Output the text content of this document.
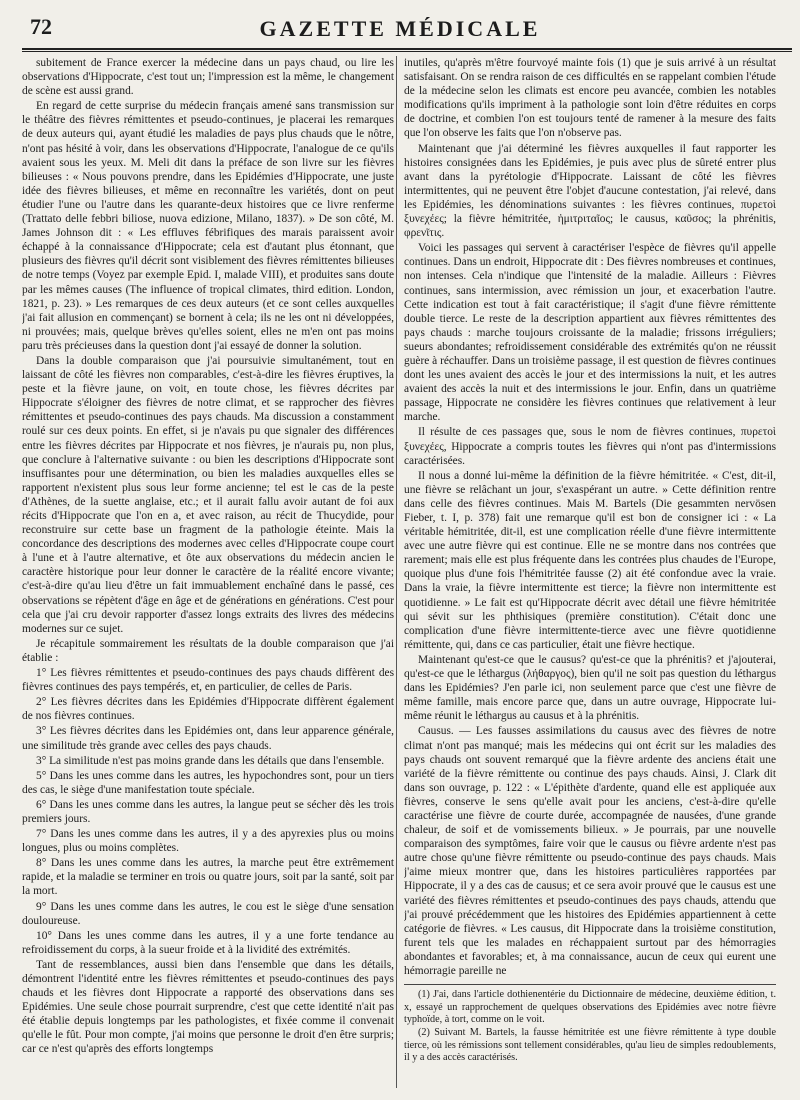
72	GAZETTE MÉDICALE

subitement de France exercer la médecine dans un pays chaud, ou lire les observations d'Hippocrate, c'est tout un; l'impression est la même, le changement de scène est aussi grand.

En regard de cette surprise du médecin français amené sans transmission sur le théâtre des fièvres rémittentes et pseudo-continues, je placerai les remarques de deux auteurs qui, ayant étudié les maladies de pays plus chauds que le nôtre, n'ont pas hésité à voir, dans les observations d'Hippocrate, l'analogue de ce qu'ils avaient sous les yeux. M. Meli dit dans la préface de son livre sur les fièvres bilieuses : « Nous pouvons prendre, dans les Epidémies d'Hippocrate, une juste idée des fièvres bilieuses, et même en reconnaître les variétés, dont on peut étudier l'une ou l'autre dans les quarante-deux histoires que ce livre renferme (Trattato delle febbri biliose, nuova edizione, Milano, 1837). » De son côté, M. James Johnson dit : « Les effluves fébrifiques des marais paraissent avoir échappé à la connaissance d'Hippocrate; cela est d'autant plus étonnant, que plusieurs des fièvres qu'il décrit sont visiblement des fièvres rémittentes bilieuses de notre temps (Voyez par exemple Epid. I, malade VIII), et produites sans doute par les mêmes causes (The influence of tropical climates, third edition. London, 1821, p. 23). » Les remarques de ces deux auteurs (et ce sont celles auxquelles j'ai fait allusion en commençant) se bornent à cela; ils ne les ont ni développées, ni prouvées; mais, quelque brèves qu'elles soient, elles ne m'en ont pas moins paru très précieuses dans la question dont j'ai essayé de donner la solution.

Dans la double comparaison que j'ai poursuivie simultanément, tout en laissant de côté les fièvres non comparables, c'est-à-dire les fièvres éruptives, la peste et la fièvre jaune, on voit, en toute chose, les fièvres décrites par Hippocrate s'éloigner des fièvres de notre climat, et se rapprocher des fièvres rémittentes et pseudo-continues des pays chauds. Ma discussion a constamment roulé sur ces deux points. En effet, si je n'avais pu que signaler des différences entre les fièvres décrites par Hippocrate et nos fièvres, je n'aurais pu, non plus, que conclure à l'alternative suivante : ou bien les descriptions d'Hippocrate sont insuffisantes pour une détermination, ou bien les maladies auxquelles elles se rapportent n'existent plus sous leur forme ancienne; tel est le cas de la peste d'Athènes, de la suette anglaise, etc.; et il aurait fallu avoir autant de foi aux récits d'Hippocrate que l'on en a, et avec raison, au récit de Thucydide, pour reconstruire sur cette base un fragment de la pathologie éteinte. Mais la concordance des descriptions des modernes avec celles d'Hippocrate coupe court à l'une et à l'autre alternative, et ôte aux observations du médecin ancien le caractère historique pour leur donner le caractère de la réalité encore vivante; c'est-à-dire qu'au lieu d'être un fait immuablement enchaîné dans le passé, ces observations se répètent d'âge en âge et de générations en générations. C'est pour cela que j'ai cru devoir rapporter d'assez longs extraits des livres des médecins modernes sur ce sujet.

Je récapitule sommairement les résultats de la double comparaison que j'ai établie :

1° Les fièvres rémittentes et pseudo-continues des pays chauds diffèrent des fièvres continues des pays tempérés, et, en particulier, de celles de Paris.

2° Les fièvres décrites dans les Epidémies d'Hippocrate diffèrent également de nos fièvres continues.

3° Les fièvres décrites dans les Epidémies ont, dans leur apparence générale, une similitude très grande avec celles des pays chauds.

3° La similitude n'est pas moins grande dans les détails que dans l'ensemble.

5° Dans les unes comme dans les autres, les hypochondres sont, pour un tiers des cas, le siège d'une manifestation toute spéciale.

6° Dans les unes comme dans les autres, la langue peut se sécher dès les trois premiers jours.

7° Dans les unes comme dans les autres, il y a des apyrexies plus ou moins longues, plus ou moins complètes.

8° Dans les unes comme dans les autres, la marche peut être extrêmement rapide, et la maladie se terminer en trois ou quatre jours, soit par la santé, soit par la mort.

9° Dans les unes comme dans les autres, le cou est le siège d'une sensation douloureuse.

10° Dans les unes comme dans les autres, il y a une forte tendance au refroidissement du corps, à la sueur froide et à la lividité des extrémités.

Tant de ressemblances, aussi bien dans l'ensemble que dans les détails, démontrent l'identité entre les fièvres rémittentes et pseudo-continues des pays chauds et les fièvres dont Hippocrate a rapporté des observations dans ses Epidémies. Une seule chose pourrait surprendre, c'est que cette identité n'ait pas été établie depuis longtemps par les pathologistes, et fixée comme il convenait qu'elle le fût. Pour mon compte, j'ai moins que personne le droit d'en être surpris; car ce n'est qu'après des efforts longtemps

inutiles, qu'après m'être fourvoyé mainte fois (1) que je suis arrivé à un résultat satisfaisant. On se rendra raison de ces difficultés en se rappelant combien l'étude de la médecine selon les climats est encore peu avancée, combien les notables modifications qu'ils impriment à la pathologie sont loin d'être réduites en corps de doctrine, et combien l'on est toujours tenté de ramener à la mesure des faits que l'on observe les faits que l'on n'observe pas.

Maintenant que j'ai déterminé les fièvres auxquelles il faut rapporter les histoires consignées dans les Epidémies, je puis avec plus de sûreté entrer plus avant dans la pyrétologie d'Hippocrate. Laissant de côté les fièvres intermittentes, qui ne peuvent être l'objet d'aucune contestation, j'ai relevé, dans les Epidémies, les dénominations suivantes : les fièvres continues, πυρετοὶ ξυνεχέες; la fièvre hémitritée, ἡμιτριταῖος; le causus, καῦσος; la phrénitis, φρενῖτις.

Voici les passages qui servent à caractériser l'espèce de fièvres qu'il appelle continues. Dans un endroit, Hippocrate dit : Des fièvres nombreuses et continues, non intenses. Cela n'indique que l'intensité de la maladie. Ailleurs : Fièvres continues, sans intermission, avec rémission un jour, et exacerbation l'autre. Cette indication est tout à fait caractéristique; il s'agit d'une fièvre rémittente double tierce. Le reste de la description appartient aux fièvres rémittentes des pays chauds : marche toujours croissante de la maladie; frissons irréguliers; sueurs abondantes; refroidissement considérable des extrémités qu'on ne réussit guère à réchauffer. Dans un troisième passage, il est question de fièvres continues dont les unes avaient des accès le jour et des intermissions la nuit, et les autres avaient des accès la nuit et des intermissions le jour. Enfin, dans un quatrième passage, Hippocrate ne considère les fièvres continues que relativement à leur marche.

Il résulte de ces passages que, sous le nom de fièvres continues, πυρετοὶ ξυνεχέες, Hippocrate a compris toutes les fièvres qui n'ont pas d'intermissions caractérisées.

Il nous a donné lui-même la définition de la fièvre hémitritée. « C'est, dit-il, une fièvre se relâchant un jour, s'exaspérant un autre. » Cette définition rentre dans celle des fièvres continues. Mais M. Bartels (Die gesammten nervösen Fieber, t. I, p. 378) fait une remarque qu'il est bon de consigner ici : « La véritable hémitritée, dit-il, est une complication réelle d'une fièvre intermittente avec une autre fièvre qui est continue. Elle ne se montre dans nos contrées que rarement; mais elle est plus fréquente dans les contrées plus chaudes de l'Europe, quoique plus d'une fois l'hémitritée fausse (2) ait été confondue avec la vraie. Dans la vraie, la fièvre intermittente est tierce; la fièvre non intermittente est quotidienne. » Le fait est qu'Hippocrate décrit avec détail une fièvre hémitritée qui sévit sur les phthisiques (première constitution). C'était donc une complication d'une fièvre intermittente-tierce avec une fièvre quotidienne rémittente, qui, dans ce cas particulier, était une fièvre hectique.

Maintenant qu'est-ce que le causus? qu'est-ce que la phrénitis? et j'ajouterai, qu'est-ce que le léthargus (λήθαργος), bien qu'il ne soit pas question du léthargus dans les Epidémies? J'en parle ici, non seulement parce que c'est une fièvre de même famille, mais encore parce que, dans un autre ouvrage, Hippocrate lui-même réunit le léthargus au causus et à la phrénitis.

Causus. — Les fausses assimilations du causus avec des fièvres de notre climat n'ont pas manqué; mais les médecins qui ont écrit sur les maladies des pays chauds ont souvent remarqué que la fièvre ardente des anciens était une variété de la fièvre rémittente ou continue des pays chauds. Ainsi, J. Clark dit dans son ouvrage, p. 122 : « L'épithète d'ardente, quand elle est appliquée aux fièvres, conserve le sens qu'elle avait pour les anciens, c'est-à-dire qu'elle caractérise une fièvre de courte durée, accompagnée de nausées, d'une grande chaleur, de soif et de vomissements bilieux. » Je pourrais, par une nouvelle comparaison des symptômes, faire voir que le causus ou fièvre ardente n'est pas autre chose qu'une fièvre rémittente ou pseudo-continue des pays chauds. Mais j'aime mieux montrer que, dans les histoires particulières rapportées par Hippocrate, il y a des cas de causus; et ce sera avoir prouvé que le causus est une variété des fièvres rémittentes et pseudo-continues des pays chauds, attendu que j'ai prouvé précédemment que les histoires des Epidémies appartiennent à cette catégorie de fièvres. « Les causus, dit Hippocrate dans la troisième constitution, furent tels que les malades en réchappaient surtout par des hémorragies abondantes et favorables; et, à ma connaissance, aucun de ceux qui eurent une hémorragie pareille ne

(1) J'ai, dans l'article dothienentérie du Dictionnaire de médecine, deuxième édition, t. x, essayé un rapprochement de quelques observations des Epidémies avec notre fièvre typhoïde, à tort, comme on le voit.

(2) Suivant M. Bartels, la fausse hémitritée est une fièvre rémittente à type double tierce, où les rémissions sont tellement considérables, qu'au lieu de simples redoublements, il y a des accès caractérisés.
